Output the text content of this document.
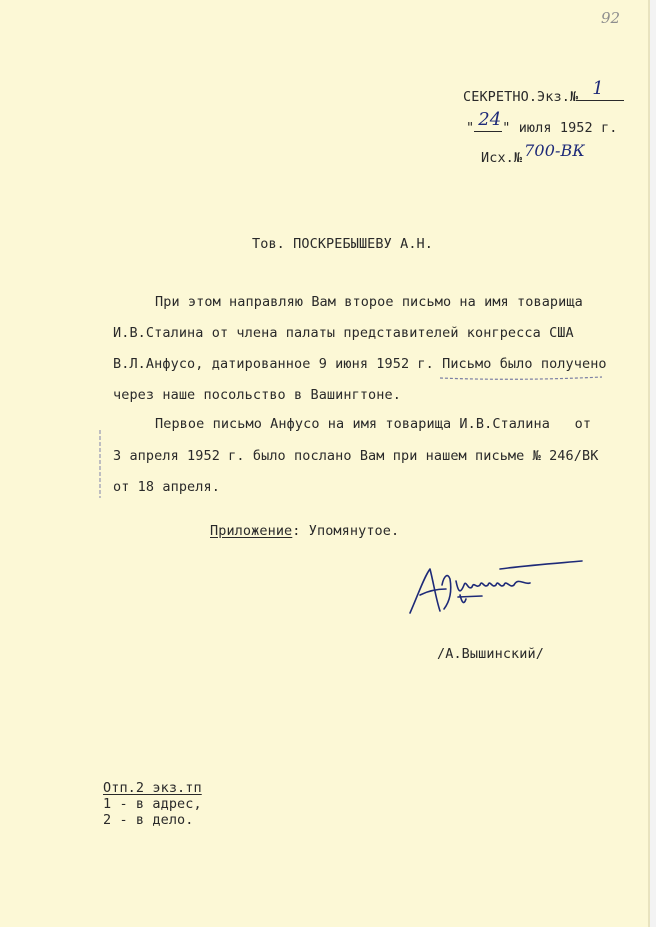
92
СЕКРЕТНО.Экз.№ 1
" 24 " июля 1952 г.
Исх.№ 700-ВК
Тов. ПОСКРЕБЫШЕВУ А.Н.
При этом направляю Вам второе письмо на имя товарища
И.В.Сталина от члена палаты представителей конгресса США
В.Л.Анфусо, датированное 9 июня 1952 г. Письмо было получено
через наше посольство в Вашингтоне.
Первое письмо Анфусо на имя товарища И.В.Сталина   от
3 апреля 1952 г. было послано Вам при нашем письме № 246/ВК
от 18 апреля.
Приложение: Упомянутое.
/А.Вышинский/
Отп.2 экз.тп
1 - в адрес,
2 - в дело.
